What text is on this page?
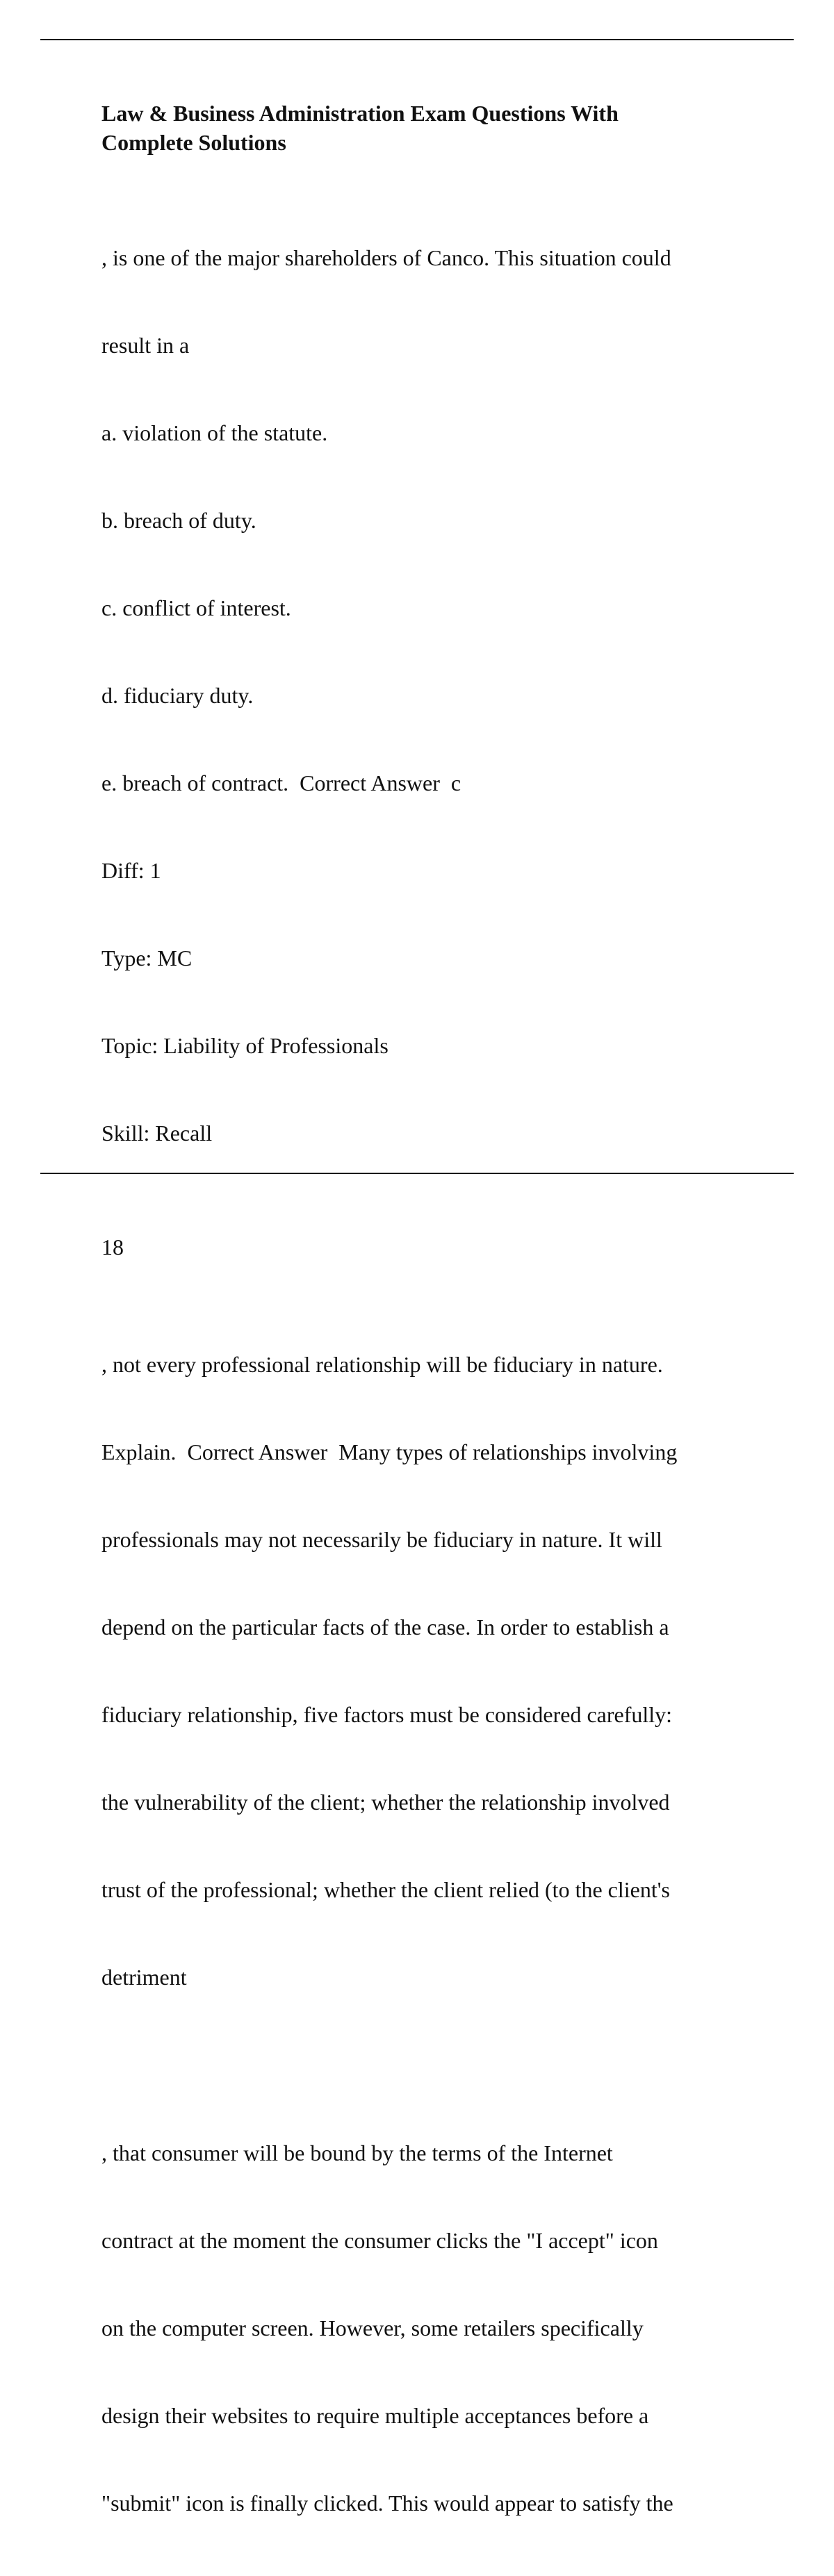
Law & Business Administration Exam Questions With
Complete Solutions

, is one of the major shareholders of Canco. This situation could

result in a

a. violation of the statute.

b. breach of duty.

c. conflict of interest.

d. fiduciary duty.

e. breach of contract.  Correct Answer  c

Diff: 1

Type: MC

Topic: Liability of Professionals

Skill: Recall

18

, not every professional relationship will be fiduciary in nature.

Explain.  Correct Answer  Many types of relationships involving

professionals may not necessarily be fiduciary in nature. It will

depend on the particular facts of the case. In order to establish a

fiduciary relationship, five factors must be considered carefully:

the vulnerability of the client; whether the relationship involved

trust of the professional; whether the client relied (to the client's

detriment

, that consumer will be bound by the terms of the Internet

contract at the moment the consumer clicks the "I accept" icon

on the computer screen. However, some retailers specifically

design their websites to require multiple acceptances before a

"submit" icon is finally clicked. This would appear to satisfy the
